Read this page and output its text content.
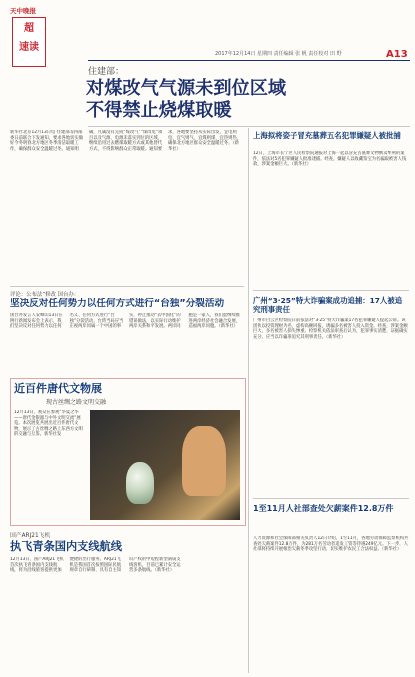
天中晚报
超
速读
2017年12月14日 星期四 责任编辑 张 帆 责任校对 田 野	A13
住建部：
对煤改气气源未到位区域
不得禁止烧煤取暖
新华社北京12月13日电 住建部等四部委日前联合下发通知，要求各地切实做好今冬明春北方地区冬季清洁取暖工作，确保群众安全温暖过冬。通知明确，凡属没有完成“煤改气”“煤改电”项目以及气源、电源未落实到位的区域，继续沿用过去燃煤取暖方式或其他替代方式，不得影响群众正常取暖。通知要求，各地要坚持从实际出发，宜电则电、宜气则气、宜煤则煤、宜热则热，确保北方地区群众安全温暖过冬。（新华社）
上海拟将姿子冒充墓葬五名犯罪嫌疑人被批捕
12日，上海市长宁区人民检察院通报对上海一起以冒充古墓葬文物倒卖牟利的案件，依法对5名犯罪嫌疑人批准逮捕。经查，嫌疑人以收藏鉴宝为名骗取被害人钱款，涉案金额巨大。（新华社）
广州“3·25”特大诈骗案成功追捕：17人被追究刑事责任
广州市白云区检察院日前依法对“3·25”特大诈骗案17名犯罪嫌疑人提起公诉。该团伙以投资理财为名，虚构高额回报，诱骗多名被害人投入资金。经查，涉案金额巨大，多名被害人损失惨重。检察机关依法审查后认为，犯罪事实清楚，证据确实充分，应当以诈骗罪追究其刑事责任。（新华社）
1至11月人社部查处欠薪案件12.8万件
人力资源和社会保障部相关负责人12日介绍，1至11月，各地劳动保障监察机构共查处欠薪案件12.8万件，为281万名劳动者追发工资等待遇249亿元。下一步，人社部将持续开展根治欠薪冬季攻坚行动，切实维护农民工合法权益。（新华社）
评论：公布法”修改 国台办：
坚决反对任何势力以任何方式进行“台独”分裂活动
国台办发言人安峰山13日在例行新闻发布会上表示，我们坚决反对任何势力以任何名义、任何方式进行“台独”分裂活动。台湾当局应当正视两岸同属一个中国的事实，停止推动“去中国化”的错误做法，以实际行动维护两岸关系和平发展。两岸同胞是一家人，我们愿继续推进两岸经济社会融合发展，造福两岸同胞。（新华社）
近百件唐代文物展
现古丝绸之路文明交融
12月13日，观众在参观“华夏之华——唐代金银器与中外文明交流”展览。本次展览共展出近百件唐代文物，展示了古丝绸之路上东西方文明的交融与互鉴。新华社发
国产ARJ21飞机
执飞青条国内支线航线
12月13日，国产ARJ21飞机首次执飞青条国内支线航线，将为沿线旅客提供更加便捷的出行服务。ARJ21飞机是我国首次按照国际民航规章自行研制、具有自主知识产权的中短程新型涡扇支线客机，目前已累计安全运营多条航线。（新华社）
